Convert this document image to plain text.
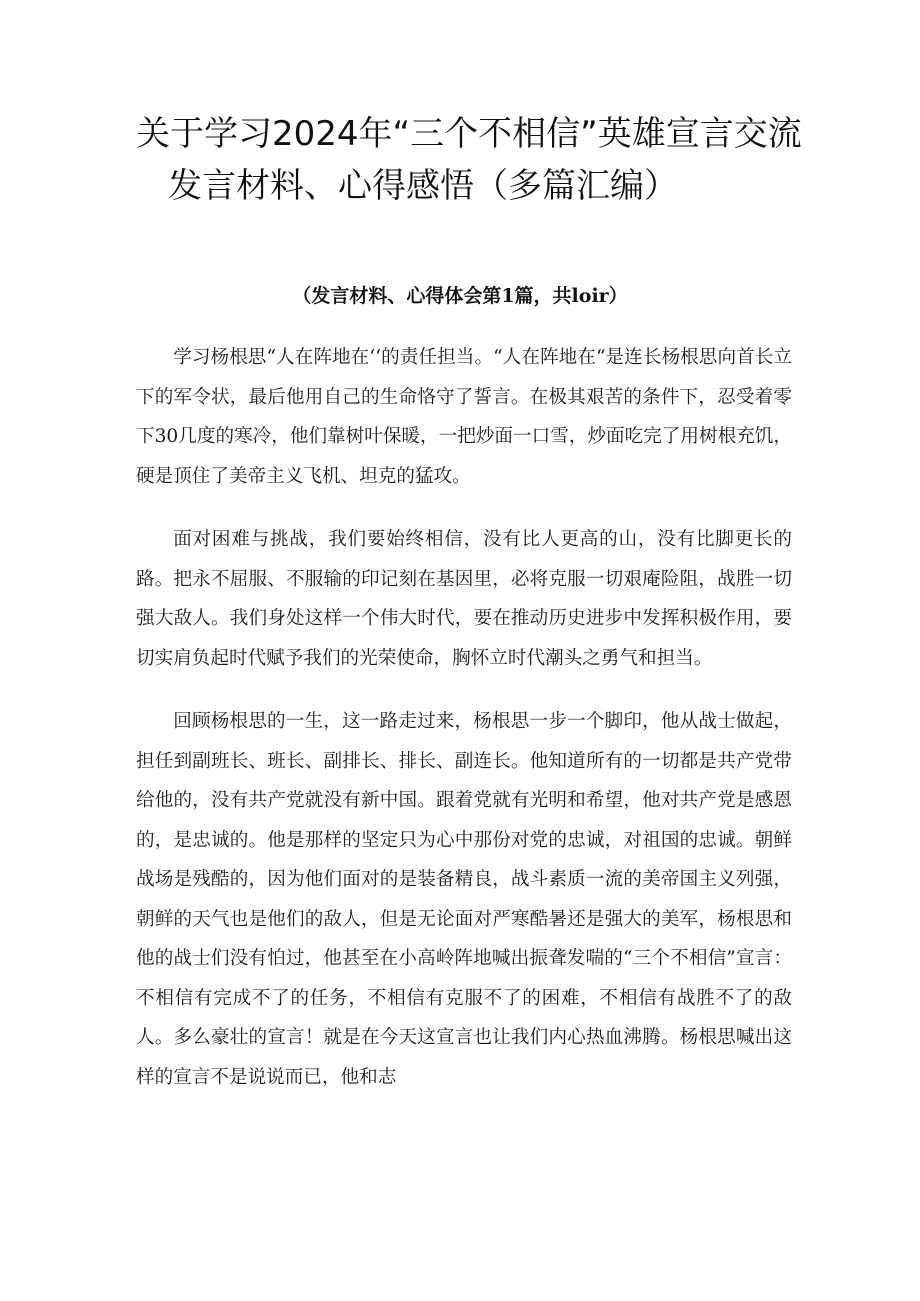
关于学习2024年“三个不相信”英雄宣言交流
发言材料、心得感悟（多篇汇编）
（发言材料、心得体会第1篇，共loir）

学习杨根思“人在阵地在‘‘的责任担当。“人在阵地在“是连长杨根思向首长立下的军令状，最后他用自己的生命恪守了誓言。在极其艰苦的条件下，忍受着零下30几度的寒冷，他们靠树叶保暖，一把炒面一口雪，炒面吃完了用树根充饥，硬是顶住了美帝主义飞机、坦克的猛攻。

面对困难与挑战，我们要始终相信，没有比人更高的山，没有比脚更长的路。把永不屈服、不服输的印记刻在基因里，必将克服一切艰庵险阻，战胜一切强大敌人。我们身处这样一个伟大时代，要在推动历史进步中发挥积极作用，要切实肩负起时代赋予我们的光荣使命，胸怀立时代潮头之勇气和担当。

回顾杨根思的一生，这一路走过来，杨根思一步一个脚印，他从战士做起，担任到副班长、班长、副排长、排长、副连长。他知道所有的一切都是共产党带给他的，没有共产党就没有新中国。跟着党就有光明和希望，他对共产党是感恩的，是忠诚的。他是那样的坚定只为心中那份对党的忠诚，对祖国的忠诚。朝鲜战场是残酷的，因为他们面对的是装备精良，战斗素质一流的美帝国主义列强，朝鲜的天气也是他们的敌人，但是无论面对严寒酷暑还是强大的美军，杨根思和他的战士们没有怕过，他甚至在小高岭阵地喊出振聋发喘的“三个不相信”宣言：不相信有完成不了的任务，不相信有克服不了的困难，不相信有战胜不了的敌人。多么豪壮的宣言！就是在今天这宣言也让我们内心热血沸腾。杨根思喊出这样的宣言不是说说而已，他和志
